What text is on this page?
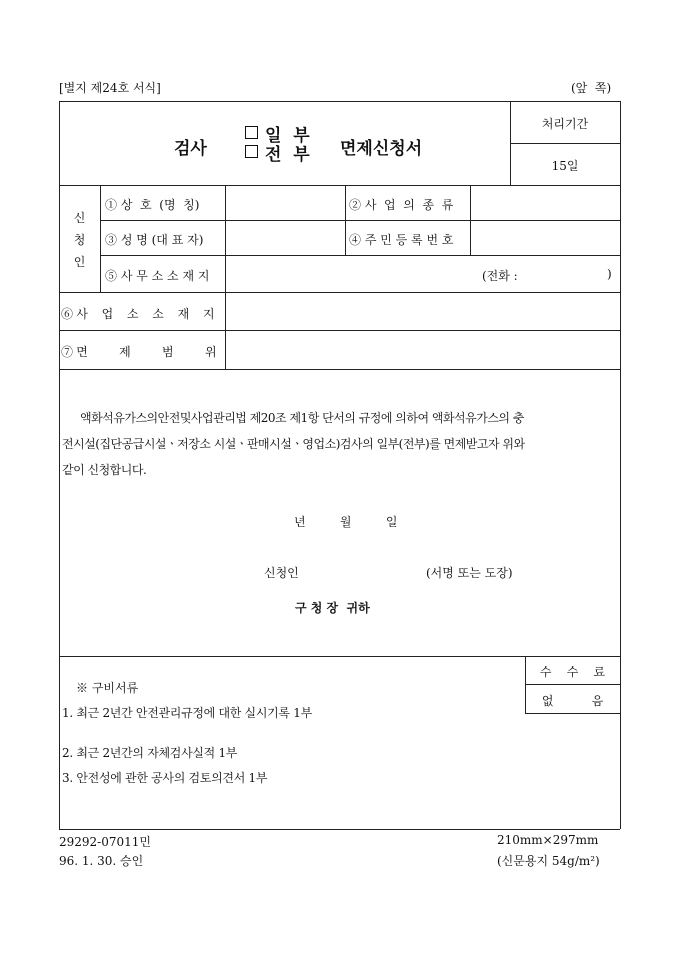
[별지 제24호 서식]	(앞  쪽)
검사
일  부
전  부 면제신청서
처리기간
15일
신
청
인
① 상  호  (명  칭)	② 사  업  의  종  류
③ 성 명 (대 표 자)	④ 주 민 등 록 번 호
⑤ 사 무 소 소 재 지	(전화 :	)
⑥ 사    업    소    소    재    지
⑦ 면         제         범         위
액화석유가스의안전및사업관리법 제20조 제1항 단서의 규정에 의하여 액화석유가스의 충
전시설(집단공급시설ㆍ저장소 시설ㆍ판매시설ㆍ영업소)검사의 일부(전부)를 면제받고자 위와
같이 신청합니다.
년         월         일
신청인	(서명 또는 도장)
구 청 장  귀하
※ 구비서류
1. 최근 2년간 안전관리규정에 대한 실시기록 1부
2. 최근 2년간의 자체검사실적 1부
3. 안전성에 관한 공사의 검토의견서 1부
수    수    료
없          음
29292-07011민
96. 1. 30. 승인
210mm×297mm
(신문용지 54g/m²)
